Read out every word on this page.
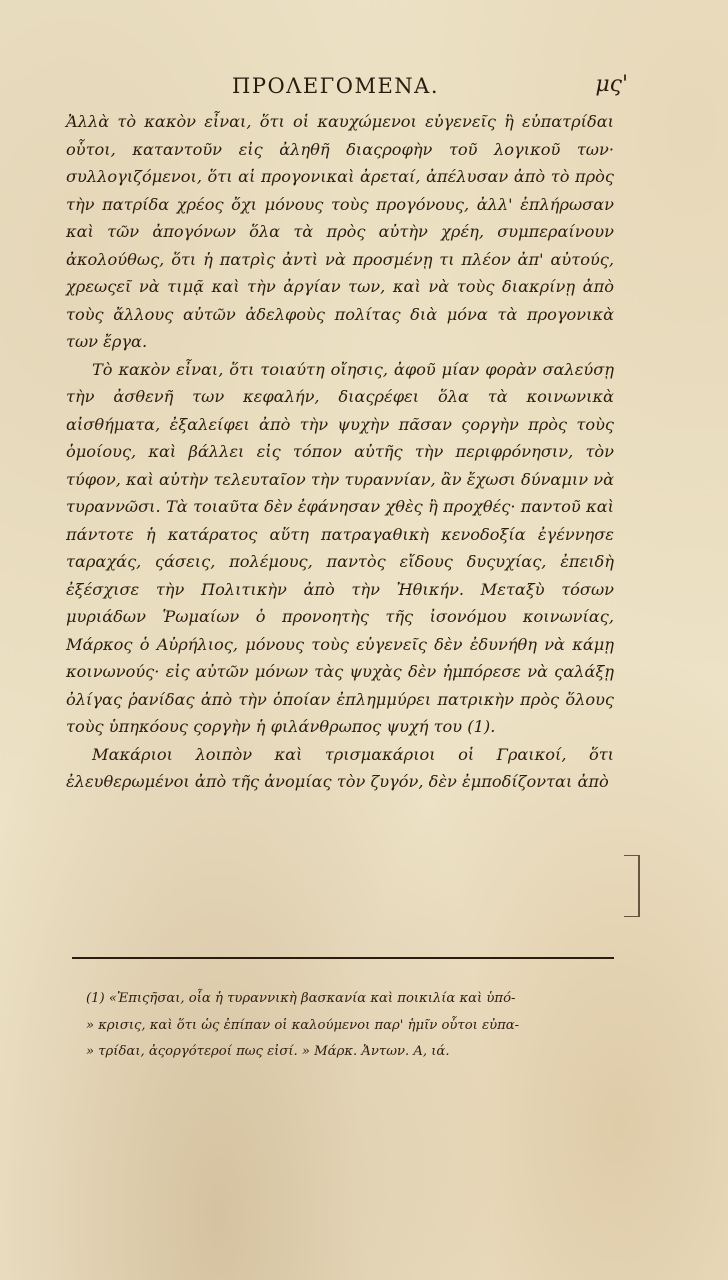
ΠΡΟΛΕΓΟΜΕΝΑ.	μς'

Ἀλλὰ τὸ κακὸν εἶναι, ὅτι οἱ καυχώμενοι εὐγενεῖς ἢ εὐπατρίδαι οὗτοι, καταντοῦν εἰς ἀληθῆ διαςροφὴν τοῦ λογικοῦ των· συλλογιζόμενοι, ὅτι αἱ προγονικαὶ ἀρεταί, ἀπέλυσαν ἀπὸ τὸ πρὸς τὴν πατρίδα χρέος ὄχι μόνους τοὺς προγόνους, ἀλλ' ἐπλήρωσαν καὶ τῶν ἀπογόνων ὅλα τὰ πρὸς αὐτὴν χρέη, συμπεραίνουν ἀκολούθως, ὅτι ἡ πατρὶς ἀντὶ νὰ προσμένῃ τι πλέον ἀπ' αὐτούς, χρεωςεῖ νὰ τιμᾷ καὶ τὴν ἀργίαν των, καὶ νὰ τοὺς διακρίνῃ ἀπὸ τοὺς ἄλλους αὐτῶν ἀδελφοὺς πολίτας διὰ μόνα τὰ προγονικὰ των ἔργα.

Τὸ κακὸν εἶναι, ὅτι τοιαύτη οἴησις, ἀφοῦ μίαν φορὰν σαλεύσῃ τὴν ἀσθενῆ των κεφαλήν, διαςρέφει ὅλα τὰ κοινωνικὰ αἰσθήματα, ἐξαλείφει ἀπὸ τὴν ψυχὴν πᾶσαν ςοργὴν πρὸς τοὺς ὁμοίους, καὶ βάλλει εἰς τόπον αὐτῆς τὴν περιφρόνησιν, τὸν τύφον, καὶ αὐτὴν τελευταῖον τὴν τυραννίαν, ἂν ἔχωσι δύναμιν νὰ τυραννῶσι. Τὰ τοιαῦτα δὲν ἐφάνησαν χθὲς ἢ προχθές· παντοῦ καὶ πάντοτε ἡ κατάρατος αὕτη πατραγαθικὴ κενοδοξία ἐγέννησε ταραχάς, ςάσεις, πολέμους, παντὸς εἴδους δυςυχίας, ἐπειδὴ ἐξέσχισε τὴν Πολιτικὴν ἀπὸ τὴν Ἠθικήν. Μεταξὺ τόσων μυριάδων Ῥωμαίων ὁ προνοητὴς τῆς ἰσονόμου κοινωνίας, Μάρκος ὁ Αὐρήλιος, μόνους τοὺς εὐγενεῖς δὲν ἐδυνήθη νὰ κάμῃ κοινωνούς· εἰς αὐτῶν μόνων τὰς ψυχὰς δὲν ἠμπόρεσε νὰ ςαλάξῃ ὀλίγας ῥανίδας ἀπὸ τὴν ὁποίαν ἐπλημμύρει πατρικὴν πρὸς ὅλους τοὺς ὑπηκόους ςοργὴν ἡ φιλάνθρωπος ψυχή του (1).

Μακάριοι λοιπὸν καὶ τρισμακάριοι οἱ Γραικοί, ὅτι ἐλευθερωμένοι ἀπὸ τῆς ἀνομίας τὸν ζυγόν, δὲν ἐμποδίζονται ἀπὸ

(1) «Ἐπιςῆσαι, οἷα ἡ τυραννικὴ βασκανία καὶ ποικιλία καὶ ὑπό-
» κρισις, καὶ ὅτι ὡς ἐπίπαν οἱ καλούμενοι παρ' ἡμῖν οὗτοι εὐπα-
» τρίδαι, ἀςοργότεροί πως εἰσί. » Μάρκ. Ἀντων. Α, ιά.
